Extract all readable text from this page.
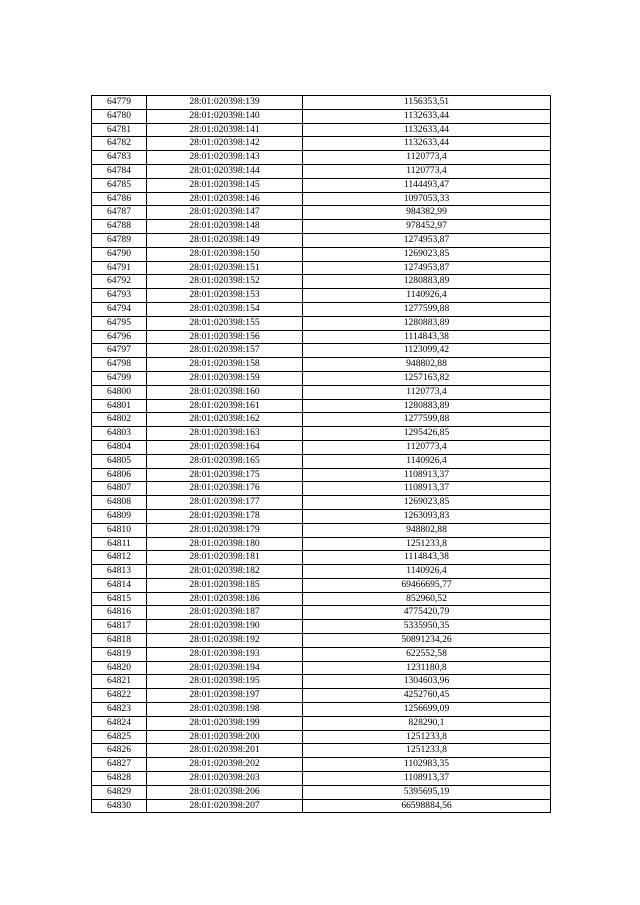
64779	28:01:020398:139	1156353,51
64780	28:01:020398:140	1132633,44
64781	28:01:020398:141	1132633,44
64782	28:01:020398:142	1132633,44
64783	28:01:020398:143	1120773,4
64784	28:01:020398:144	1120773,4
64785	28:01:020398:145	1144493,47
64786	28:01:020398:146	1097053,33
64787	28:01:020398:147	984382,99
64788	28:01:020398:148	978452,97
64789	28:01:020398:149	1274953,87
64790	28:01:020398:150	1269023,85
64791	28:01:020398:151	1274953,87
64792	28:01:020398:152	1280883,89
64793	28:01:020398:153	1140926,4
64794	28:01:020398:154	1277599,88
64795	28:01:020398:155	1280883,89
64796	28:01:020398:156	1114843,38
64797	28:01:020398:157	1123099,42
64798	28:01:020398:158	948802,88
64799	28:01:020398:159	1257163,82
64800	28:01:020398:160	1120773,4
64801	28:01:020398:161	1280883,89
64802	28:01:020398:162	1277599,88
64803	28:01:020398:163	1295426,85
64804	28:01:020398:164	1120773,4
64805	28:01:020398:165	1140926,4
64806	28:01:020398:175	1108913,37
64807	28:01:020398:176	1108913,37
64808	28:01:020398:177	1269023,85
64809	28:01:020398:178	1263093,83
64810	28:01:020398:179	948802,88
64811	28:01:020398:180	1251233,8
64812	28:01:020398:181	1114843,38
64813	28:01:020398:182	1140926,4
64814	28:01:020398:185	69466695,77
64815	28:01:020398:186	852960,52
64816	28:01:020398:187	4775420,79
64817	28:01:020398:190	5335950,35
64818	28:01:020398:192	50891234,26
64819	28:01:020398:193	622552,58
64820	28:01:020398:194	1231180,8
64821	28:01:020398:195	1304603,96
64822	28:01:020398:197	4252760,45
64823	28:01:020398:198	1256699,09
64824	28:01:020398:199	828290,1
64825	28:01:020398:200	1251233,8
64826	28:01:020398:201	1251233,8
64827	28:01:020398:202	1102983,35
64828	28:01:020398:203	1108913,37
64829	28:01:020398:206	5395695,19
64830	28:01:020398:207	66598884,56
